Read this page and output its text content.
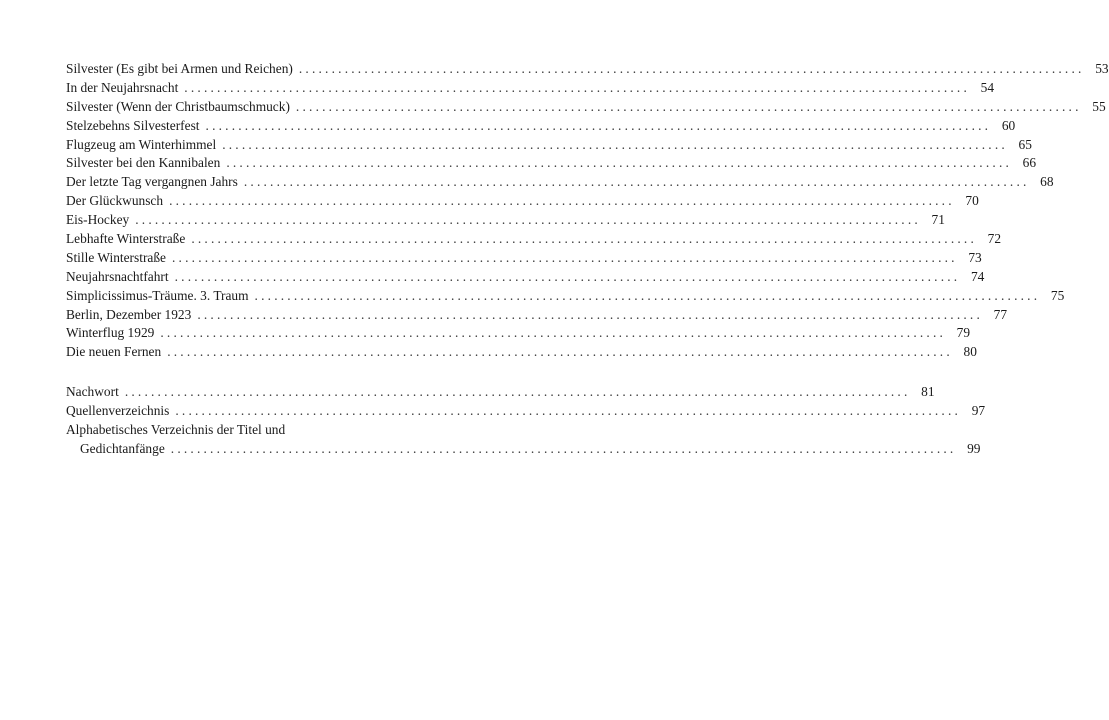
Silvester (Es gibt bei Armen und Reichen) ........................................................................................................................ 53
In der Neujahrsnacht ........................................................................................................................ 54
Silvester (Wenn der Christbaumschmuck) ........................................................................................................................ 55
Stelzebehns Silvesterfest ........................................................................................................................ 60
Flugzeug am Winterhimmel ........................................................................................................................ 65
Silvester bei den Kannibalen ........................................................................................................................ 66
Der letzte Tag vergangnen Jahrs ........................................................................................................................ 68
Der Glückwunsch ........................................................................................................................ 70
Eis-Hockey ........................................................................................................................ 71
Lebhafte Winterstraße ........................................................................................................................ 72
Stille Winterstraße ........................................................................................................................ 73
Neujahrsnachtfahrt ........................................................................................................................ 74
Simplicissimus-Träume. 3. Traum ........................................................................................................................ 75
Berlin, Dezember 1923 ........................................................................................................................ 77
Winterflug 1929 ........................................................................................................................ 79
Die neuen Fernen ........................................................................................................................ 80
Nachwort ........................................................................................................................ 81
Quellenverzeichnis ........................................................................................................................ 97
Alphabetisches Verzeichnis der Titel und
Gedichtanfänge ........................................................................................................................ 99
